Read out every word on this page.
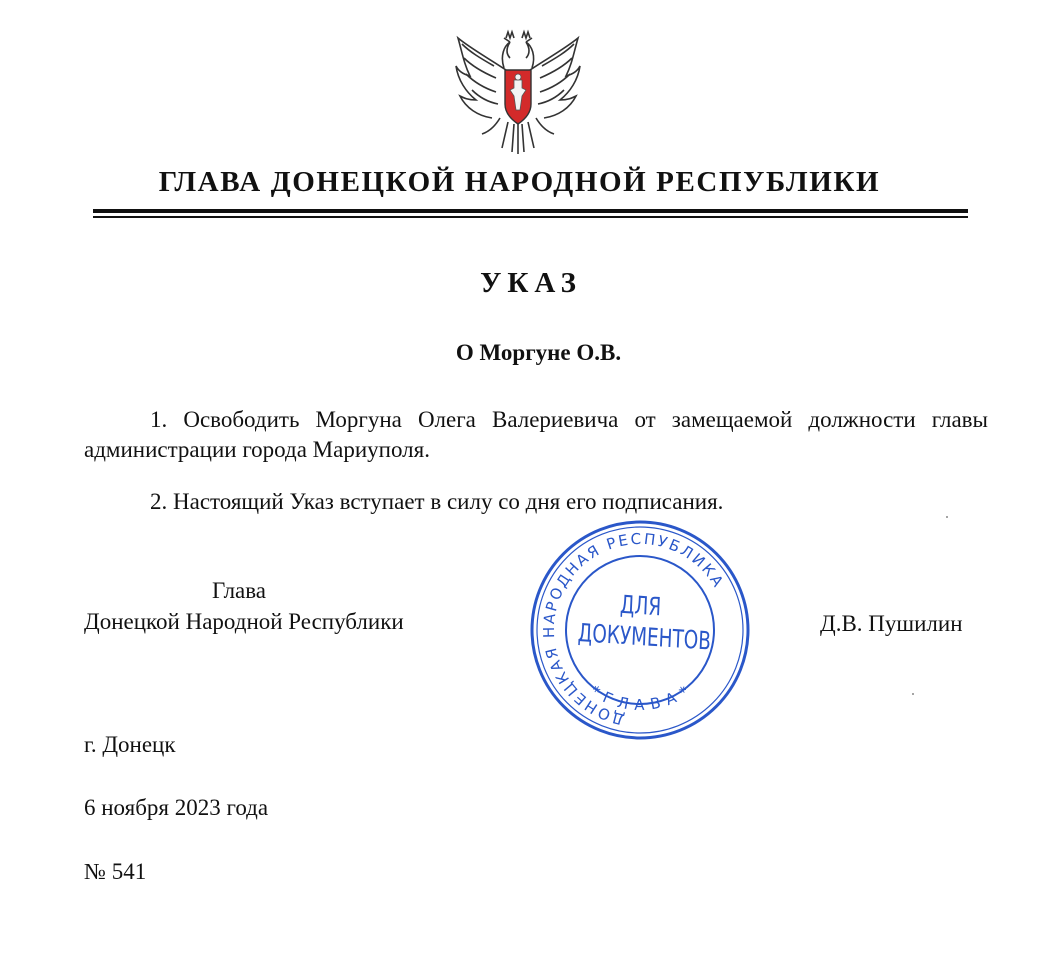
ГЛАВА ДОНЕЦКОЙ НАРОДНОЙ РЕСПУБЛИКИ
УКАЗ
О Моргуне О.В.
1. Освободить Моргуна Олега Валериевича от замещаемой должности главы администрации города Мариуполя.
2. Настоящий Указ вступает в силу со дня его подписания.
Глава
Донецкой Народной Республики	Д.В. Пушилин
ДОНЕЦКАЯ НАРОДНАЯ РЕСПУБЛИКА
* Г Л А В А *
ДЛЯ
ДОКУМЕНТОВ
г. Донецк
6 ноября 2023 года
№ 541
